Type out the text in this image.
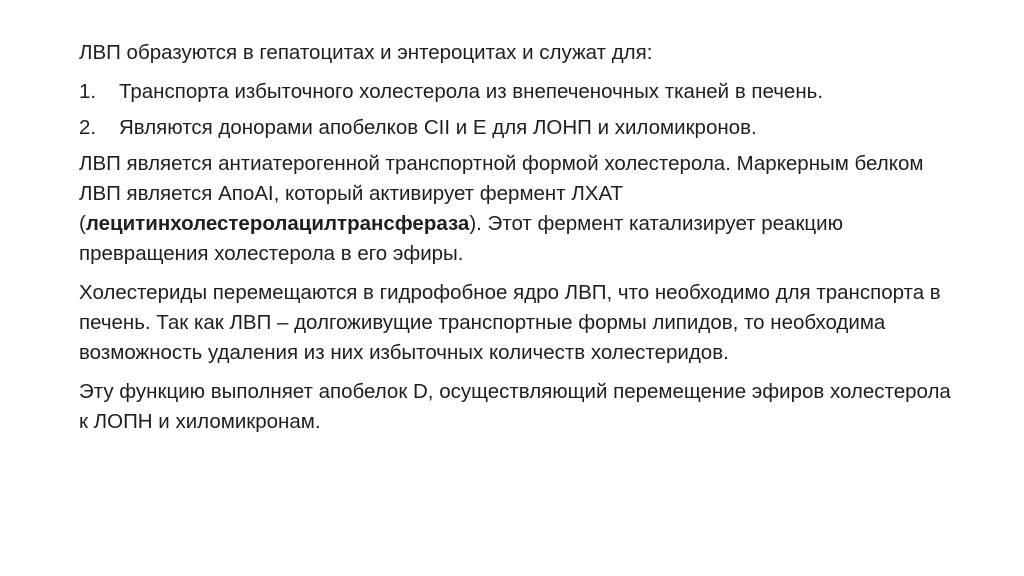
ЛВП образуются в гепатоцитах и энтероцитах и служат для:

1. Транспорта избыточного холестерола из внепеченочных тканей в печень.
2. Являются донорами апобелков CII и E для ЛОНП и хиломикронов.

ЛВП является антиатерогенной транспортной формой холестерола. Маркерным белком ЛВП является АпоАI, который активирует фермент ЛХАТ (лецитинхолестеролацилтрансфераза). Этот фермент катализирует реакцию превращения холестерола в его эфиры.

Холестериды перемещаются в гидрофобное ядро ЛВП, что необходимо для транспорта в печень. Так как ЛВП – долгоживущие транспортные формы липидов, то необходима возможность удаления из них избыточных количеств холестеридов.

Эту функцию выполняет апобелок D, осуществляющий перемещение эфиров холестерола к ЛОПН и хиломикронам.
